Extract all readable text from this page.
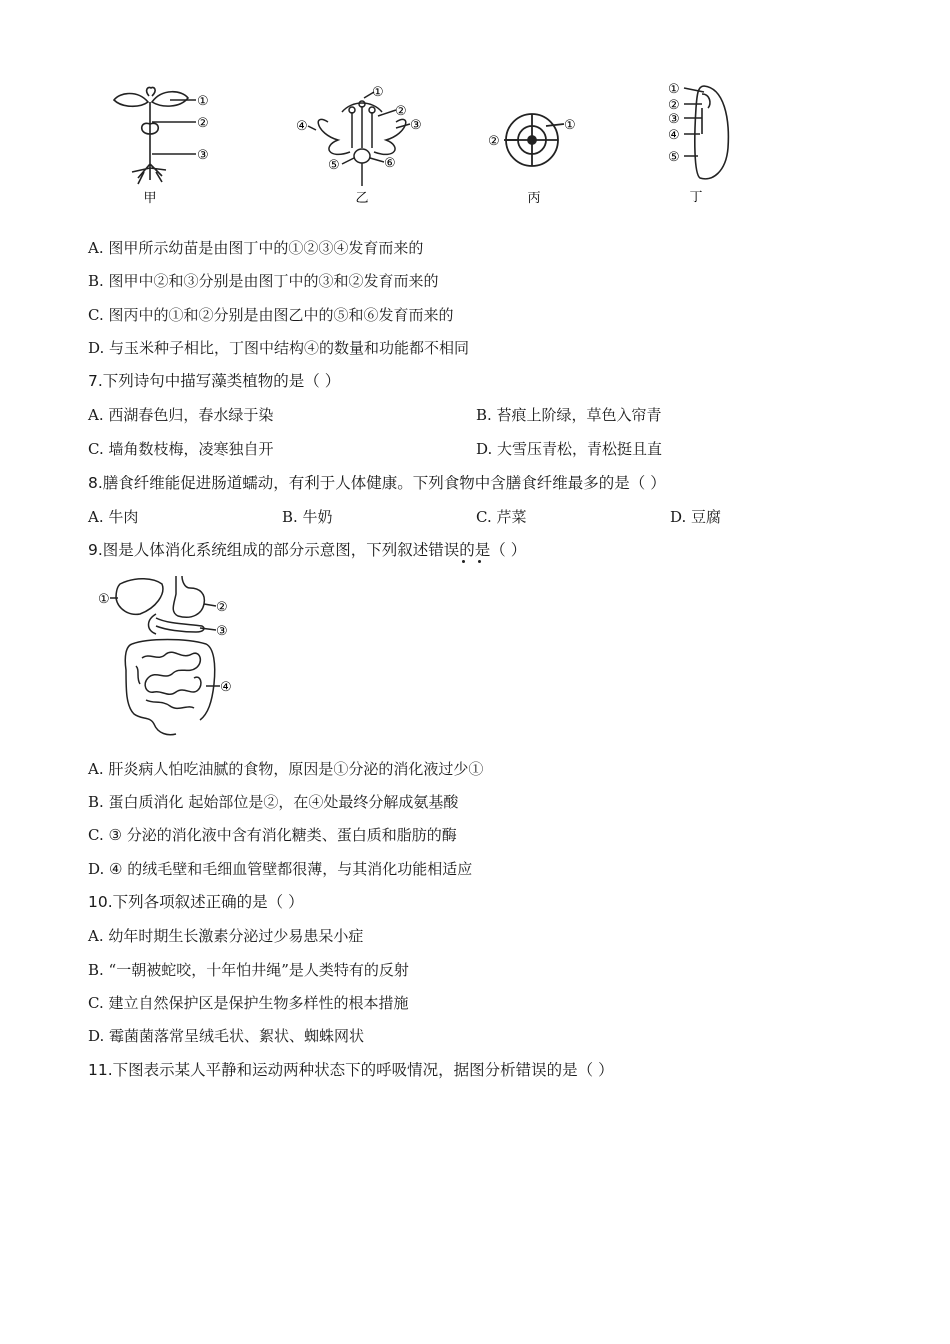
①
②
③
甲
①
②
③
④
⑤	⑥
乙
①
②
丙
①
②
③
④
⑤
丁
A. 图甲所示幼苗是由图丁中的①②③④发育而来的
B. 图甲中②和③分别是由图丁中的③和②发育而来的
C. 图丙中的①和②分别是由图乙中的⑤和⑥发育而来的
D. 与玉米种子相比，丁图中结构④的数量和功能都不相同
7.下列诗句中描写藻类植物的是（ ）
A. 西湖春色归，春水绿于染	B. 苔痕上阶绿，草色入帘青
C. 墙角数枝梅，凌寒独自开	D. 大雪压青松，青松挺且直
8.膳食纤维能促进肠道蠕动，有利于人体健康。下列食物中含膳食纤维最多的是（ ）
A. 牛肉	B. 牛奶	C. 芹菜	D. 豆腐
9.图是人体消化系统组成的部分示意图，下列叙述错误的是（ ）
①
②
③
④
A. 肝炎病人怕吃油腻的食物，原因是①分泌的消化液过少①
B. 蛋白质消化 起始部位是②，在④处最终分解成氨基酸
C. ③ 分泌的消化液中含有消化糖类、蛋白质和脂肪的酶
D. ④ 的绒毛壁和毛细血管壁都很薄，与其消化功能相适应
10.下列各项叙述正确的是（ ）
A. 幼年时期生长激素分泌过少易患呆小症
B. “一朝被蛇咬，十年怕井绳”是人类特有的反射
C. 建立自然保护区是保护生物多样性的根本措施
D. 霉菌菌落常呈绒毛状、絮状、蜘蛛网状
11.下图表示某人平静和运动两种状态下的呼吸情况，据图分析错误的是（ ）
